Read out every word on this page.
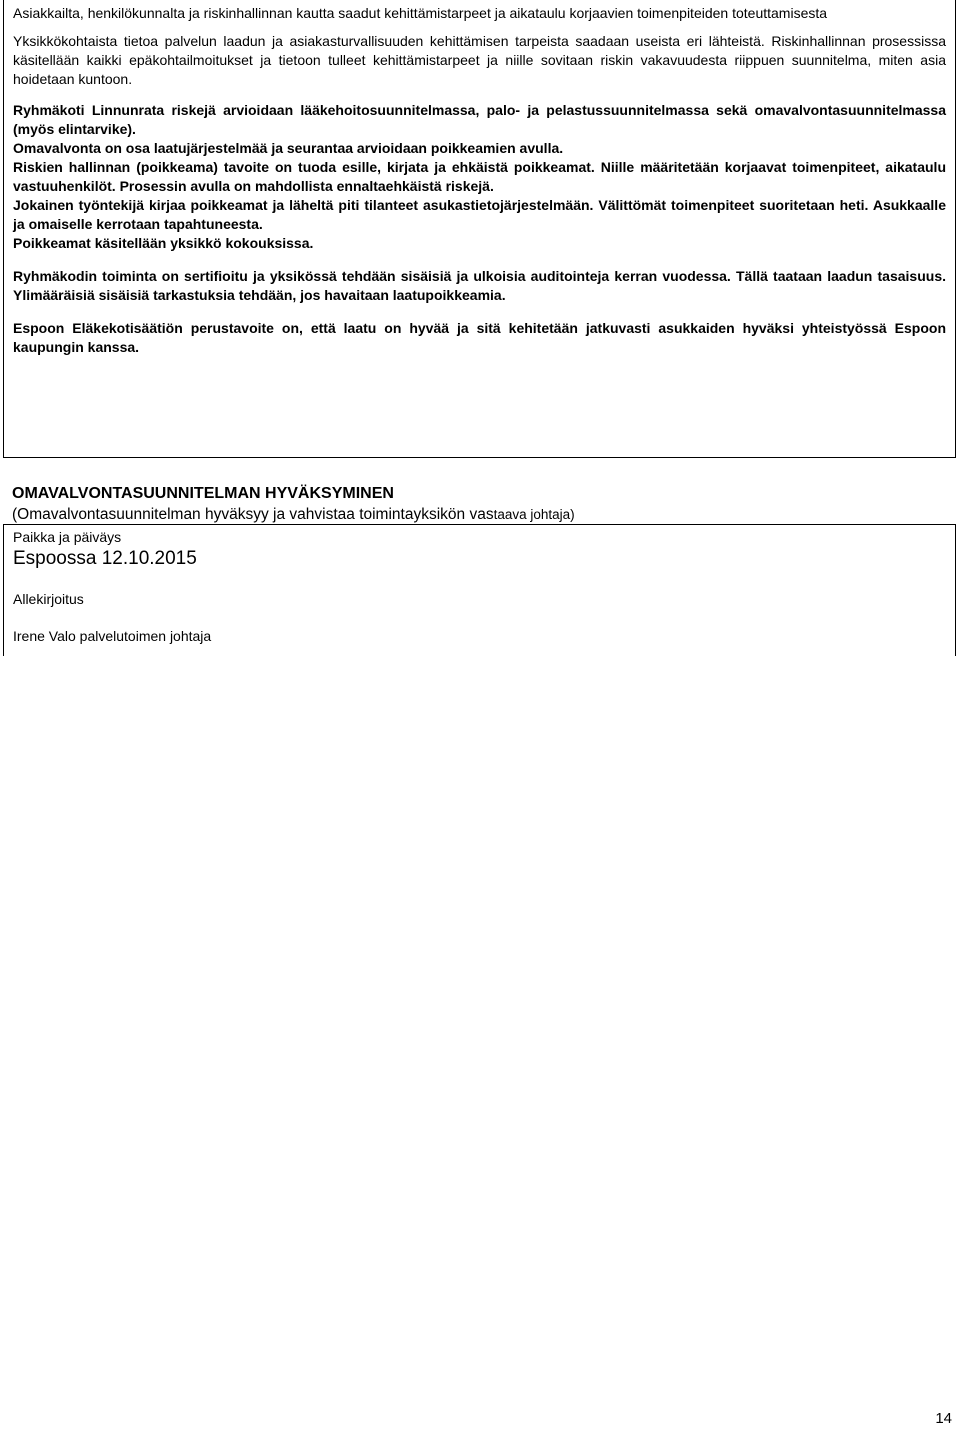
Asiakkailta, henkilökunnalta ja riskinhallinnan kautta saadut kehittämistarpeet ja aikataulu korjaavien toimenpiteiden toteuttamisesta

Yksikkökohtaista tietoa palvelun laadun ja asiakasturvallisuuden kehittämisen tarpeista saadaan useista eri lähteistä. Riskinhallinnan prosessissa käsitellään kaikki epäkohtailmoitukset ja tietoon tulleet kehittämistarpeet ja niille sovitaan riskin vakavuudesta riippuen suunnitelma, miten asia hoidetaan kuntoon.

Ryhmäkoti Linnunrata riskejä arvioidaan lääkehoitosuunnitelmassa, palo- ja pelastussuunnitelmassa sekä omavalvontasuunnitelmassa (myös elintarvike).

Omavalvonta on osa laatujärjestelmää ja seurantaa arvioidaan poikkeamien avulla.

Riskien hallinnan (poikkeama) tavoite on tuoda esille, kirjata ja ehkäistä poikkeamat. Niille määritetään korjaavat toimenpiteet, aikataulu vastuuhenkilöt. Prosessin avulla on mahdollista ennaltaehkäistä riskejä.

Jokainen työntekijä kirjaa poikkeamat ja läheltä piti tilanteet asukastietojärjestelmään. Välittömät toimenpiteet suoritetaan heti. Asukkaalle ja omaiselle kerrotaan tapahtuneesta.

Poikkeamat käsitellään yksikkö kokouksissa.

Ryhmäkodin toiminta on sertifioitu ja yksikössä tehdään sisäisiä ja ulkoisia auditointeja kerran vuodessa. Tällä taataan laadun tasaisuus. Ylimääräisiä sisäisiä tarkastuksia tehdään, jos havaitaan laatupoikkeamia.

Espoon Eläkekotisäätiön perustavoite on, että laatu on hyvää ja sitä kehitetään jatkuvasti asukkaiden hyväksi yhteistyössä Espoon kaupungin kanssa.

OMAVALVONTASUUNNITELMAN HYVÄKSYMINEN

(Omavalvontasuunnitelman hyväksyy ja vahvistaa toimintayksikön vastaava johtaja)

Paikka ja päiväys
Espoossa 12.10.2015
Allekirjoitus
Irene Valo palvelutoimen johtaja
14
